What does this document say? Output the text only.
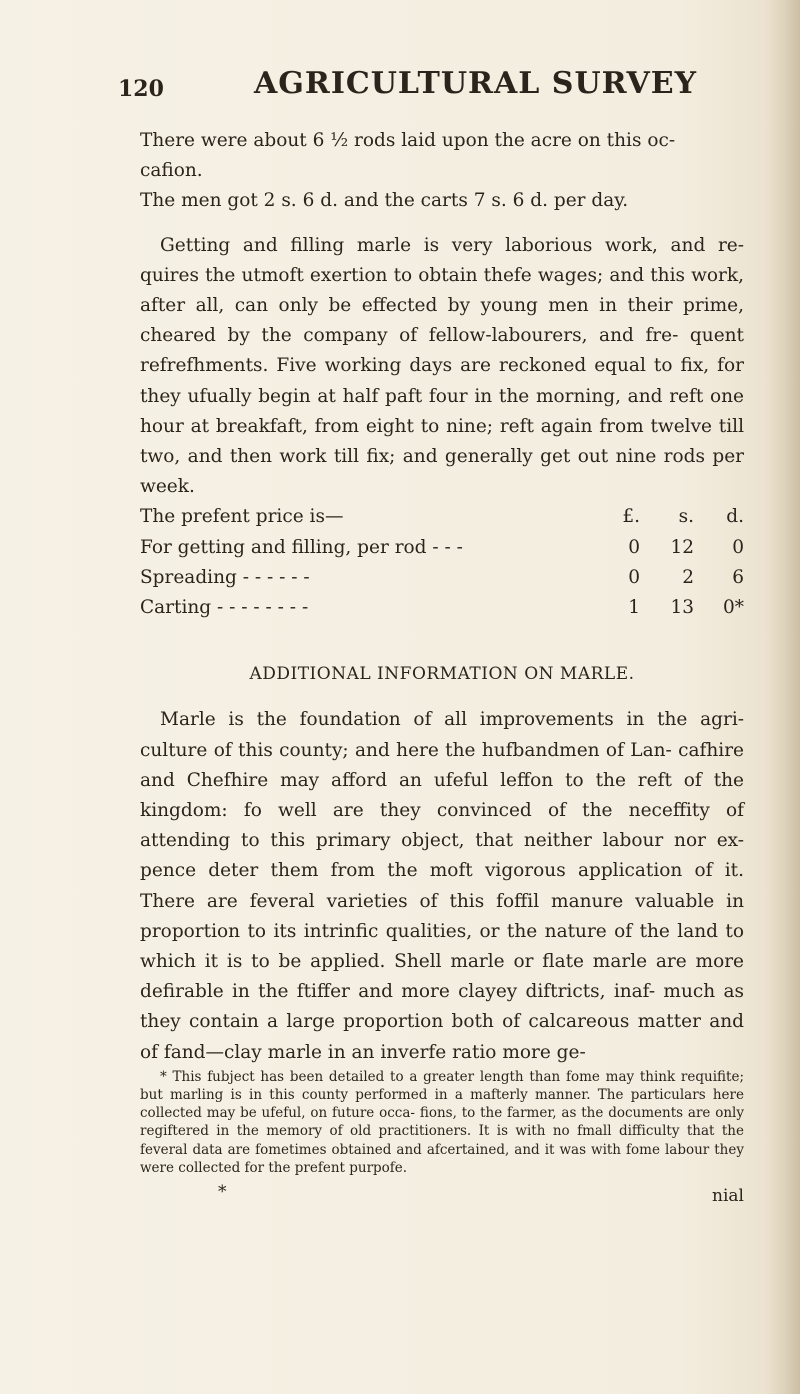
120	AGRICULTURAL SURVEY

There were about 6 ½ rods laid upon the acre on this oc-

cafion.

The men got 2 s. 6 d. and the carts 7 s. 6 d. per day.

Getting and filling marle is very laborious work, and re- quires the utmoft exertion to obtain thefe wages; and this work, after all, can only be effected by young men in their prime, cheared by the company of fellow-labourers, and fre- quent refrefhments. Five working days are reckoned equal to fix, for they ufually begin at half paft four in the morning, and reft one hour at breakfaft, from eight to nine; reft again from twelve till two, and then work till fix; and generally get out nine rods per week.

The prefent price is—	£.	s.	d.
For getting and filling, per rod - - -	0	12	0
Spreading - - - - - -	0	2	6
Carting - - - - - - - -	1	13	0*
ADDITIONAL INFORMATION ON MARLE.

Marle is the foundation of all improvements in the agri- culture of this county; and here the hufbandmen of Lan- cafhire and Chefhire may afford an ufeful leffon to the reft of the kingdom: fo well are they convinced of the neceffity of attending to this primary object, that neither labour nor ex- pence deter them from the moft vigorous application of it. There are feveral varieties of this foffil manure valuable in proportion to its intrinfic qualities, or the nature of the land to which it is to be applied. Shell marle or flate marle are more defirable in the ftiffer and more clayey diftricts, inaf- much as they contain a large proportion both of calcareous matter and of fand—clay marle in an inverfe ratio more ge-

* This fubject has been detailed to a greater length than fome may think requifite; but marling is in this county performed in a mafterly manner. The particulars here collected may be ufeful, on future occa- fions, to the farmer, as the documents are only regiftered in the memory of old practitioners. It is with no fmall difficulty that the feveral data are fometimes obtained and afcertained, and it was with fome labour they were collected for the prefent purpofe.

*	nial
